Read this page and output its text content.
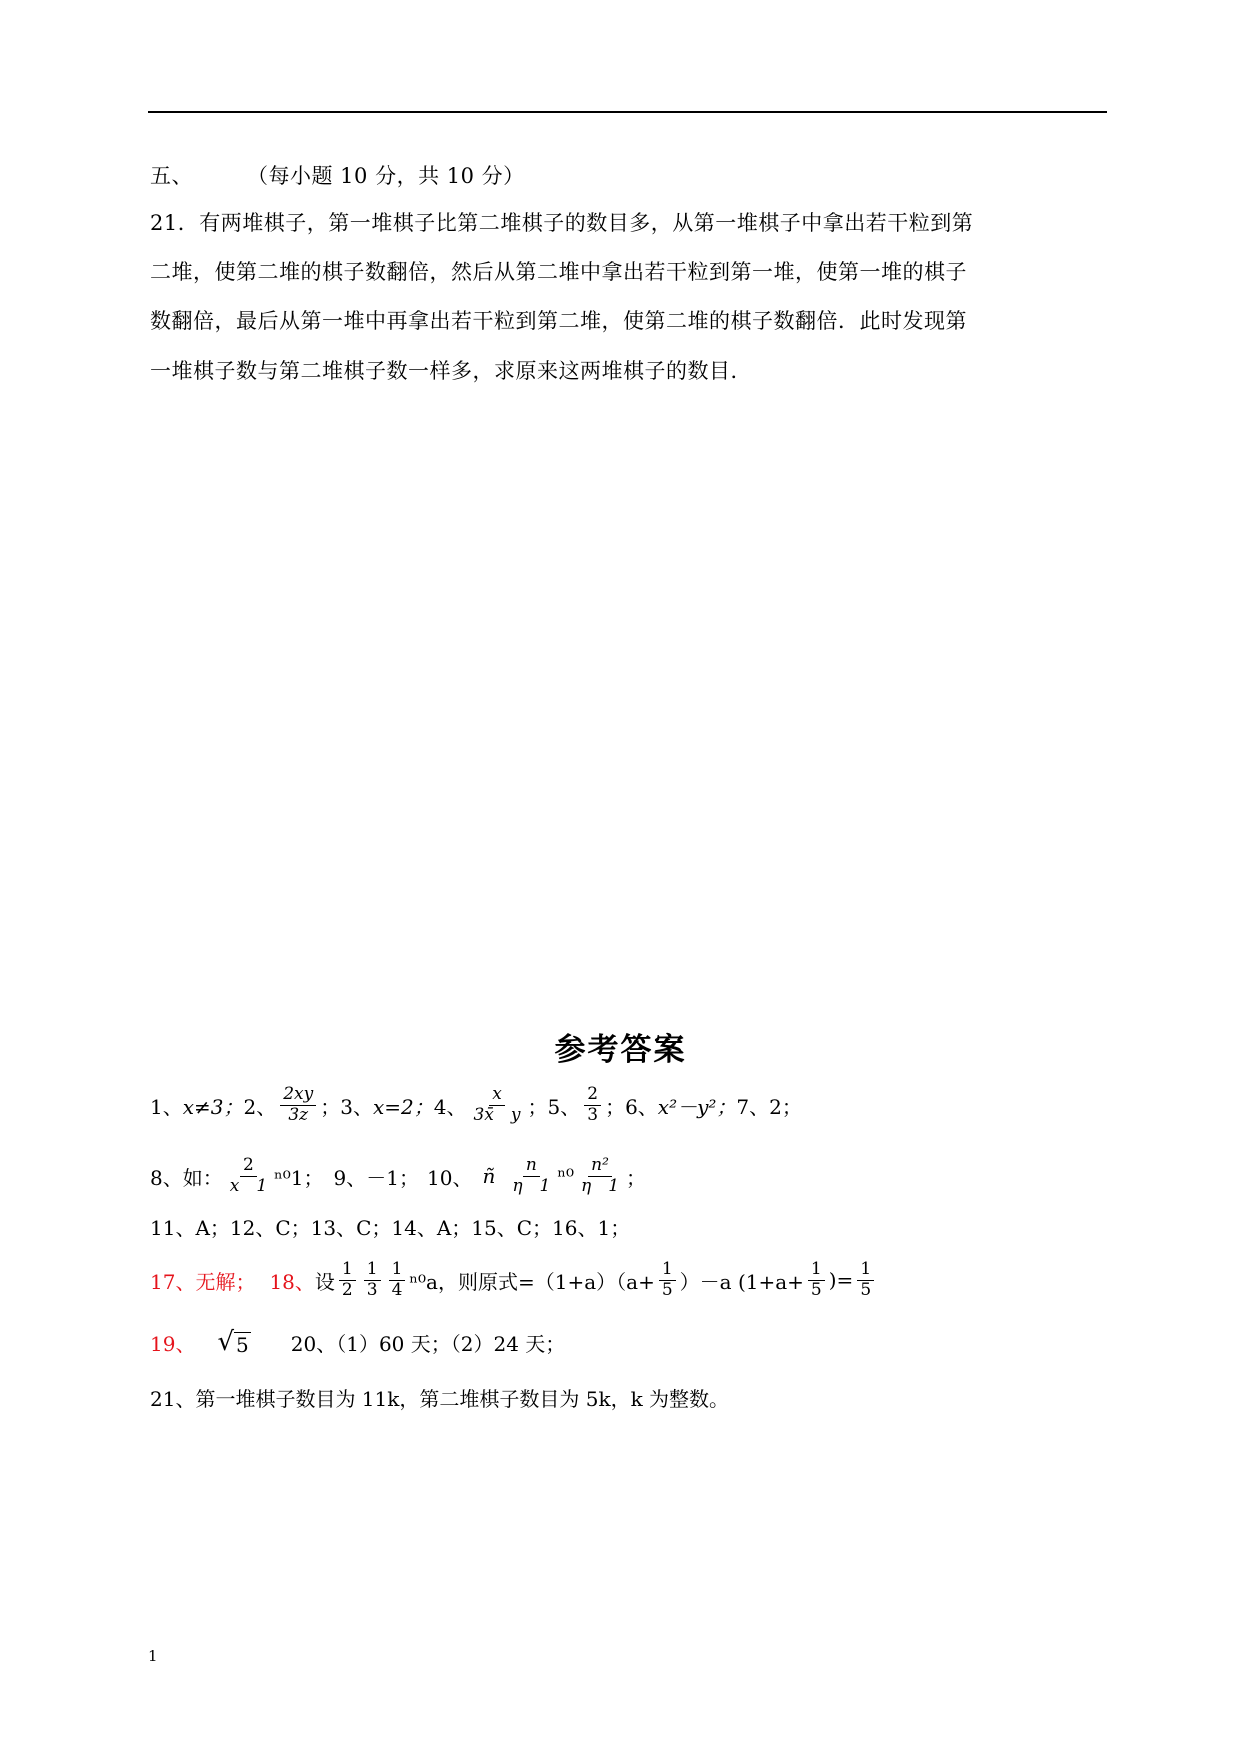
五、	（每小题 10 分，共 10 分）
21．有两堆棋子，第一堆棋子比第二堆棋子的数目多，从第一堆棋子中拿出若干粒到第
二堆，使第二堆的棋子数翻倍，然后从第二堆中拿出若干粒到第一堆，使第一堆的棋子
数翻倍，最后从第一堆中再拿出若干粒到第二堆，使第二堆的棋子数翻倍．此时发现第
一堆棋子数与第二堆棋子数一样多，求原来这两堆棋子的数目．
参考答案
1、 x≠3； 2、 $\frac{2xy}{3z}$ ； 3、 x=2； 4、 $\frac{x}{3x̄ y}$ ； 5、 $\frac{2}{3}$ ； 6、 x²－y²； 7、2；
8、如： $\frac{2}{x 1} ^{n0}1$； 9、－1； 10、 ñ $\frac{n}{\eta 1} ^{n0} \frac{\text{n²}}{\eta 1}$ ；
11、A；12、C；13、C；14、A；15、C；16、1；
17、无解； 18、 设 $\frac{1}{2} \frac{1}{3} \frac{1}{4} ^{n0}a$，则原式$=(1+a)(a+ \frac{1}{5} )-a$ ($1+a+ \frac{1}{5}$ )= $\frac{1}{5}$
19、 √ 5 20、（1）60 天；（2）24 天；
21、第一堆棋子数目为 11k，第二堆棋子数目为 5k，k 为整数。
1
